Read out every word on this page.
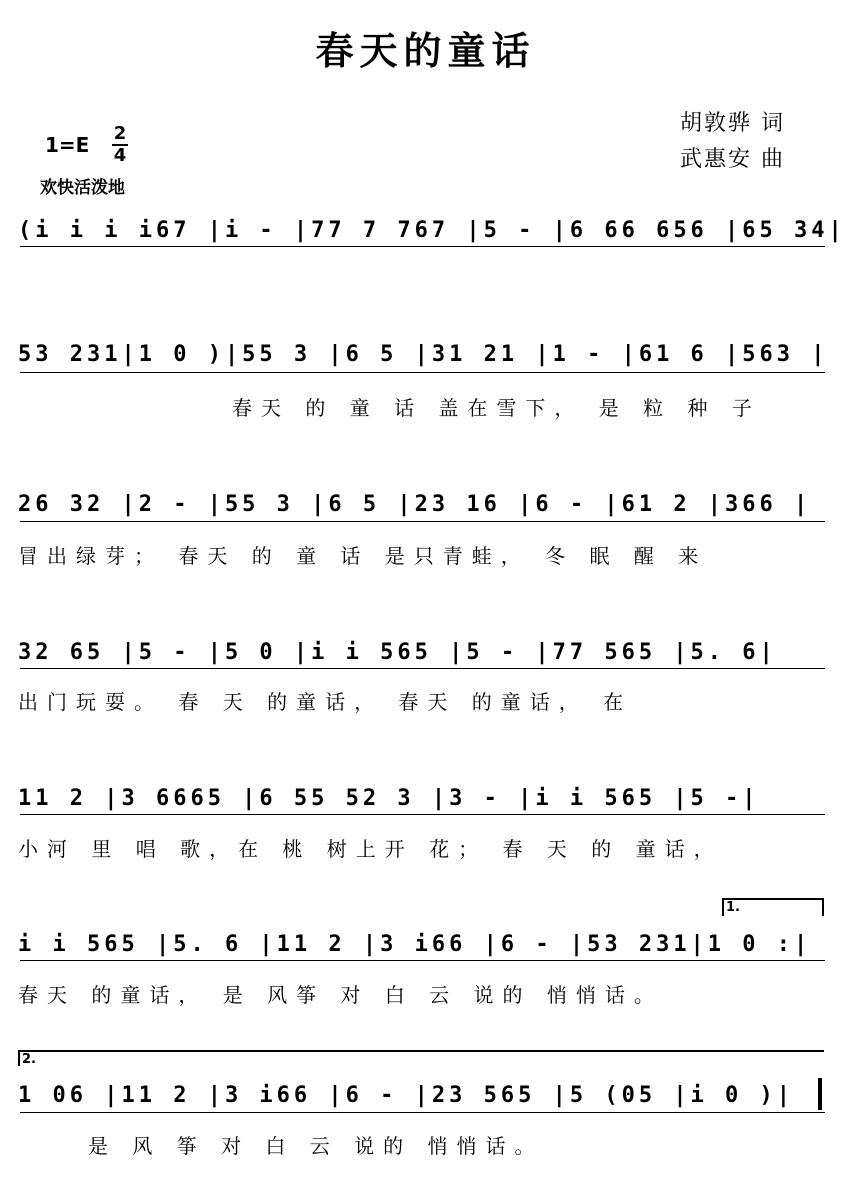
春天的童话
胡敦骅 词
武惠安 曲
$1=E \frac{2}{4}$
欢快活泼地
(i i i i67 |i - |77 7 767 |5 - |6 66 656 |65 34|
53 231|1 0 )|55 3 |6 5 |31 21 |1 - |61 6 |563 |
春天 的 童 话 盖在雪下， 是 粒 种 子
26 32 |2 - |55 3 |6 5 |23 16 |6 - |61 2 |366 |
冒出绿芽； 春天 的 童 话 是只青蛙， 冬 眠 醒 来
32 65 |5 - |5 0 |i i 565 |5 - |77 565 |5. 6|
出门玩耍。 春 天 的童话， 春天 的童话， 在
11 2 |3 6665 |6 55 52 3 |3 - |i i 565 |5 -|
小河 里 唱 歌，在 桃 树上开 花； 春 天 的 童话，
1.
i i 565 |5. 6 |11 2 |3 i66 |6 - |53 231|1 0 :|
春天 的童话， 是 风筝 对 白 云 说的 悄悄话。
2.
1 06 |11 2 |3 i66 |6 - |23 565 |5 (05 |i 0 )|
是 风 筝 对 白 云 说的 悄悄话。
